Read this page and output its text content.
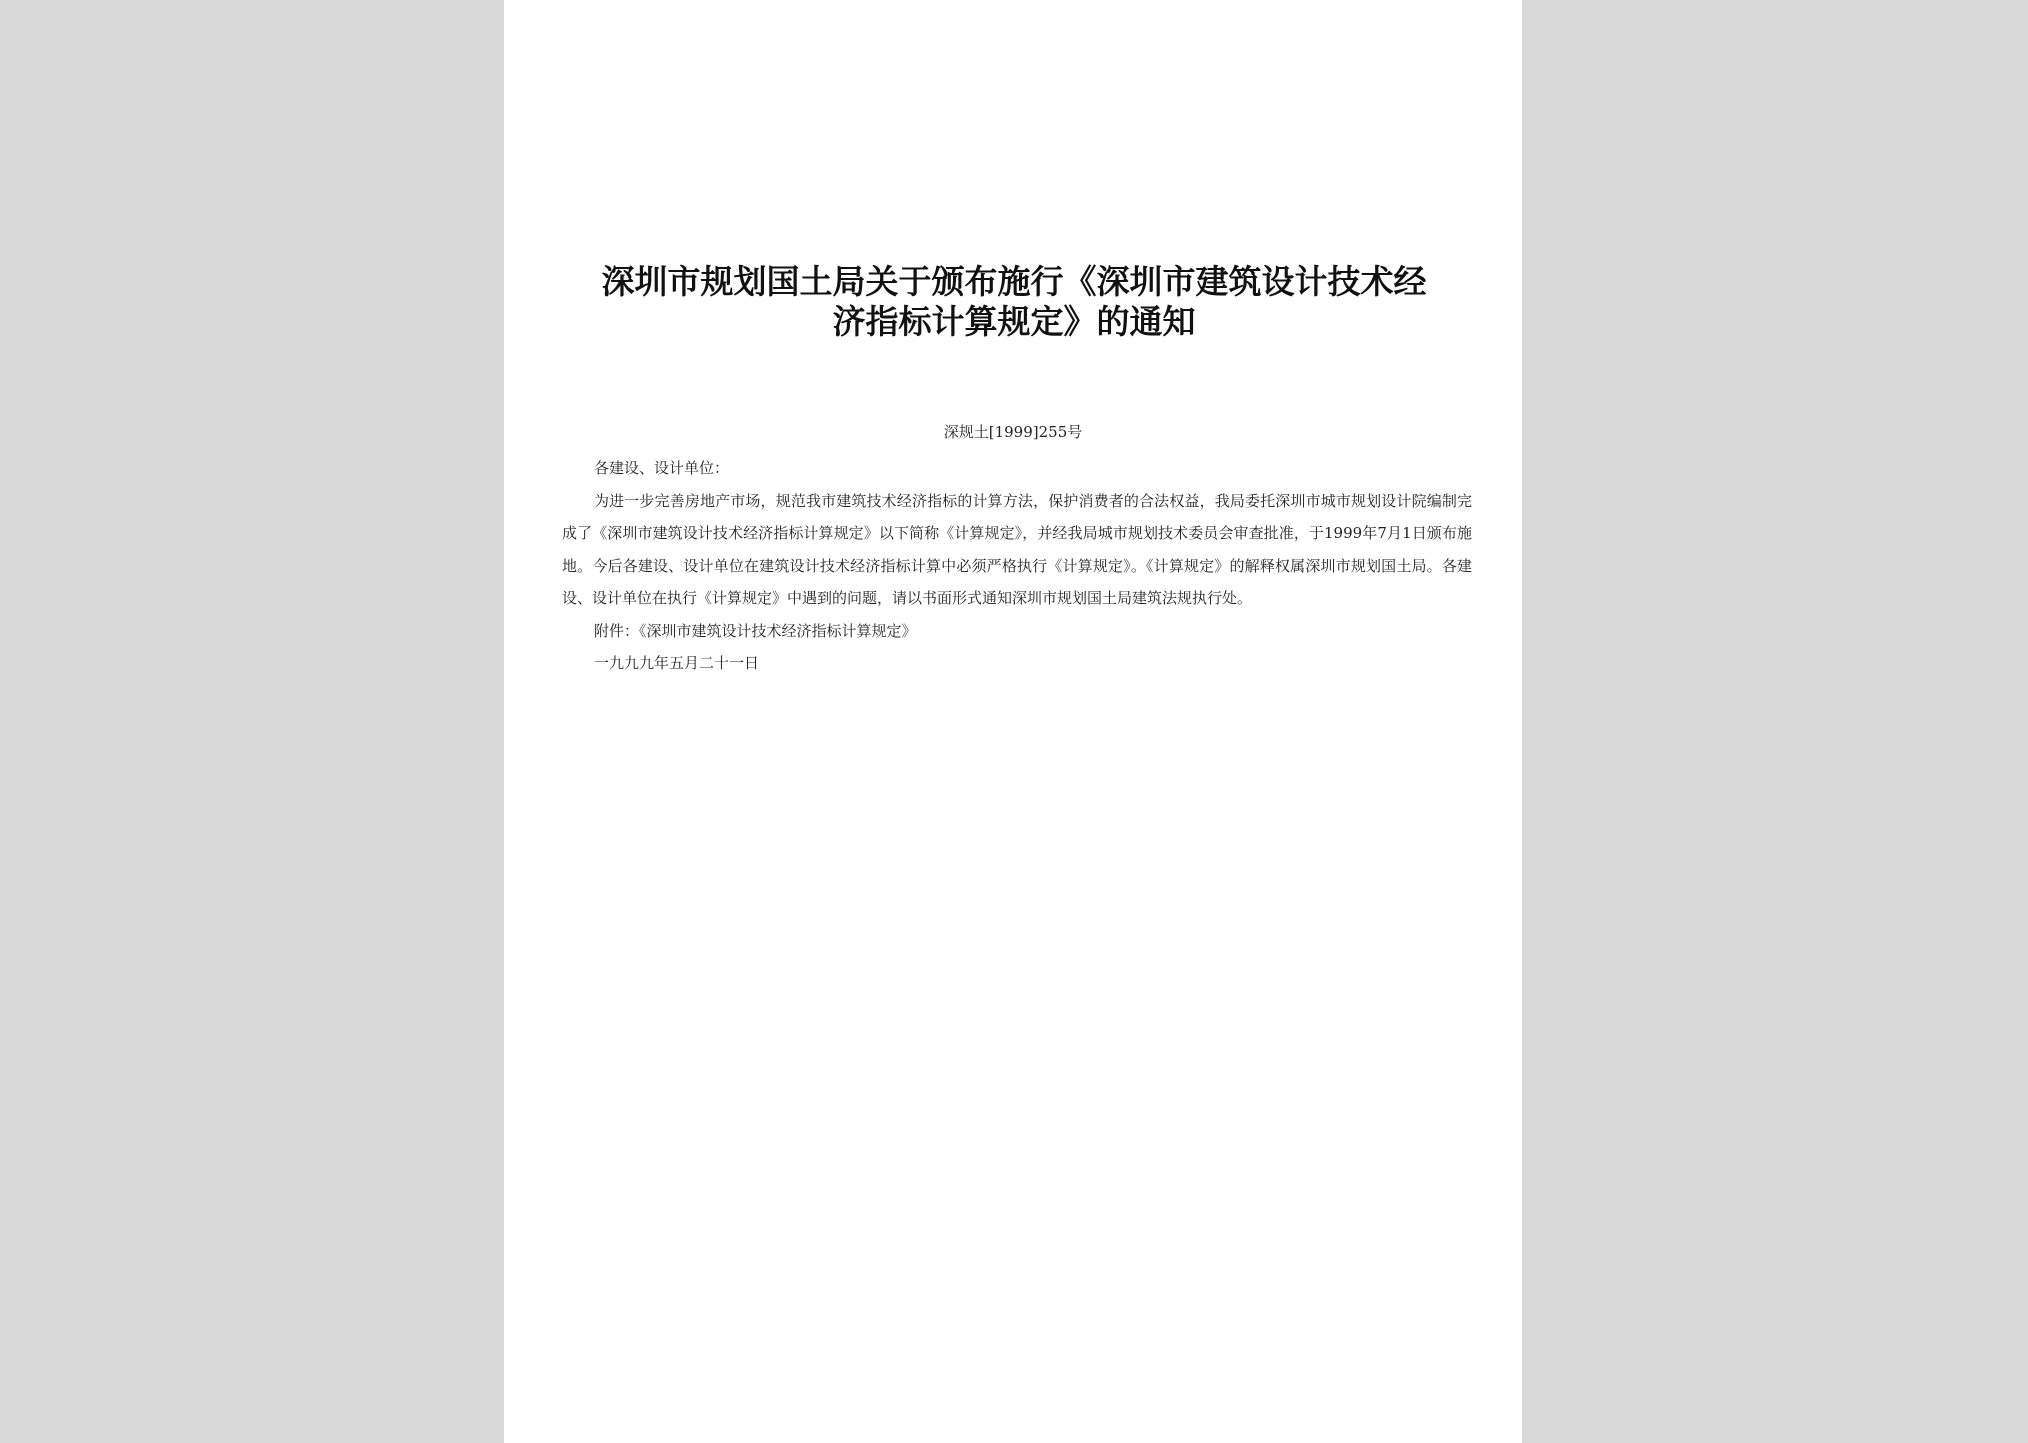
深圳市规划国土局关于颁布施行《深圳市建筑设计技术经济指标计算规定》的通知
深规土[1999]255号

各建设、设计单位：

为进一步完善房地产市场，规范我市建筑技术经济指标的计算方法，保护消费者的合法权益，我局委托深圳市城市规划设计院编制完成了《深圳市建筑设计技术经济指标计算规定》以下简称《计算规定》，并经我局城市规划技术委员会审查批准，于1999年7月1日颁布施地。今后各建设、设计单位在建筑设计技术经济指标计算中必须严格执行《计算规定》。《计算规定》的解释权属深圳市规划国土局。各建设、设计单位在执行《计算规定》中遇到的问题，请以书面形式通知深圳市规划国土局建筑法规执行处。

附件：《深圳市建筑设计技术经济指标计算规定》

一九九九年五月二十一日
